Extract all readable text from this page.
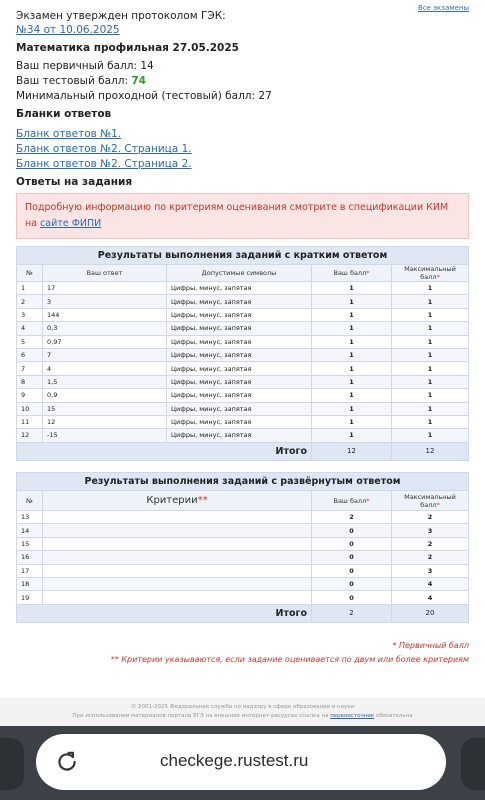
Все экзамены
Экзамен утвержден протоколом ГЭК:
№34 от 10.06.2025
Математика профильная 27.05.2025
Ваш первичный балл: 14
Ваш тестовый балл: 74
Минимальный проходной (тестовый) балл: 27
Бланки ответов
Бланк ответов №1.
Бланк ответов №2. Страница 1.
Бланк ответов №2. Страница 2.
Ответы на задания
Подробную информацию по критериям оценивания смотрите в спецификации КИМ на сайте ФИПИ
Результаты выполнения заданий с кратким ответом				
№	Ваш ответ	Допустимые символы	Ваш балл*	Максимальный балл*
1	17	Цифры, минус, запятая	1	1
2	3	Цифры, минус, запятая	1	1
3	144	Цифры, минус, запятая	1	1
4	0,3	Цифры, минус, запятая	1	1
5	0,97	Цифры, минус, запятая	1	1
6	7	Цифры, минус, запятая	1	1
7	4	Цифры, минус, запятая	1	1
8	1,5	Цифры, минус, запятая	1	1
9	0,9	Цифры, минус, запятая	1	1
10	15	Цифры, минус, запятая	1	1
11	12	Цифры, минус, запятая	1	1
12	-15	Цифры, минус, запятая	1	1
Итого			12	12
Результаты выполнения заданий с развёрнутым ответом			
№	Критерии**	Ваш балл*	Максимальный балл*
13		2	2
14		0	3
15		0	2
16		0	2
17		0	3
18		0	4
19		0	4
Итого		2	20
* Первичный балл
** Критерии указываются, если задание оценивается по двум или более критериям
© 2001-2025 Федеральная служба по надзору в сфере образования и науки
При использовании материалов портала ЕГЭ на внешних интернет-ресурсах ссылка на первоисточник обязательна
checkege.rustest.ru
